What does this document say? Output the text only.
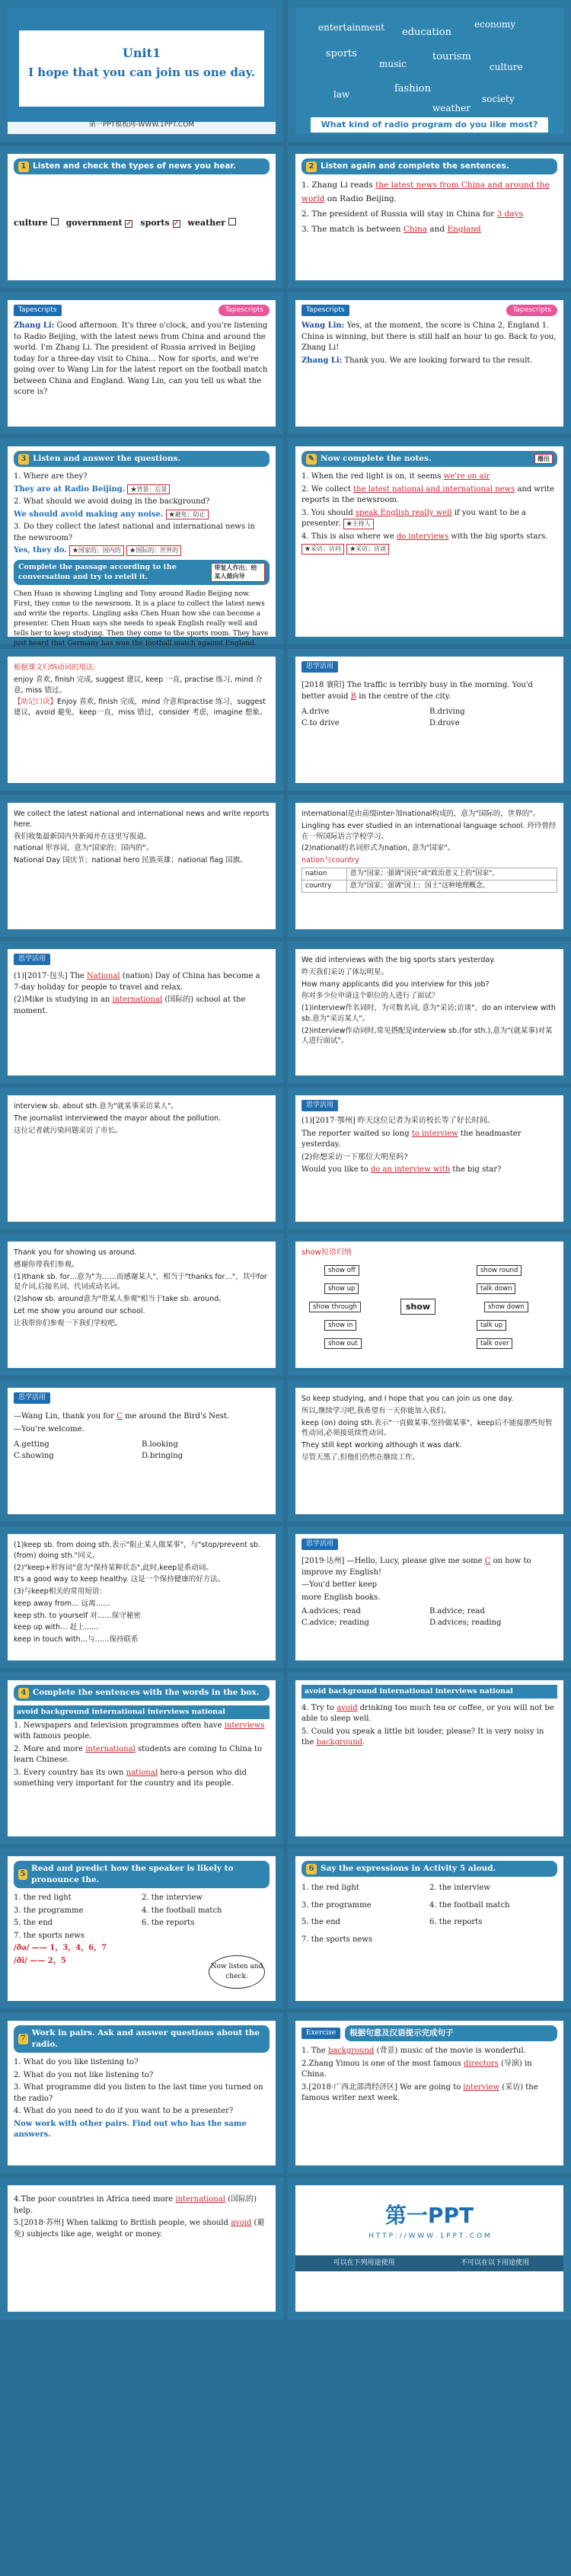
Unit1
I hope that you can join us one day.
第一PPT模板网-WWW.1PPT.COM
entertainment education
economy
sports
music
tourism
culture
law	fashion
weather
society
What kind of radio program do you like most?
1 Listen and check the types of news you hear.
culture	government ✓ sports ✓ weather
2 Listen again and complete the sentences.

1. Zhang Li reads the latest news from China and around the world on Radio Beijing.

2. The president of Russia will stay in China for 3 days

3. The match is between China and England

Tapescripts	Tapescripts

Zhang Li: Good afternoon. It's three o'clock, and you're listening to Radio Beijing, with the latest news from China and around the world. I'm Zhang Li. The president of Russia arrived in Beijing today for a three-day visit to China... Now for sports, and we're going over to Wang Lin for the latest report on the football match between China and England. Wang Lin, can you tell us what the score is?

Tapescripts	Tapescripts

Wang Lin: Yes, at the moment, the score is China 2, England 1. China is winning, but there is still half an hour to go. Back to you, Zhang Li!

Zhang Li: Thank you. We are looking forward to the result.

3 Listen and answer the questions.

1. Where are they?

They are at Radio Beijing. ★背景：后景

2. What should we avoid doing in the background?

We should avoid making any noise. ★避免；防止

3. Do they collect the latest national and international news in the newsroom?

Yes, they do. ★国家的；国内的 ★国际的；世界的

Complete the passage according to the conversation and try to retell it.
带复人作出；给某人做向导

Chen Huan is showing Lingling and Tony around Radio Beijing now. First, they come to the newsroom. It is a place to collect the latest news and write the reports. Lingling asks Chen Huan how she can become a presenter. Chen Huan says she needs to speak English really well and tells her to keep studying. Then they come to the sports room. They have just heard that Germany has won the football match against England.

✎ Now complete the notes.	播出

1. When the red light is on, it seems we're on air

2. We collect the latest national and international news and write reports in the newsroom.

3. You should speak English really well if you want to be a presenter. ★主持人

4. This is also where we do interviews with the big sports stars.

★采访；访问 ★采访；访谈

根据课文归纳动词的用法：

enjoy 喜欢, finish 完成, suggest 建议, keep 一直, practise 练习, mind 介意, miss 错过。

【助记口诀】Enjoy 喜欢, finish 完成，mind 介意和practise 练习，suggest 建议，avoid 避免，keep一直，miss 错过，consider 考虑，imagine 想象。

思学活用

[2018 襄阳] The traffic is terribly busy in the morning. You'd better avoid B in the centre of the city.

A.drive	B.driving
C.to drive	D.drove

We collect the latest national and international news and write reports here.

我们收集最新国内外新闻并在这里写报道。

national 形容词，意为"国家的；国内的"。

National Day 国庆节；national hero 民族英雄；national flag 国旗。

international是由前缀inter-加national构成的，意为"国际的，世界的"。

Lingling has ever studied in an international language school. 玲玲曾经在一所国际语言学校学习。

(2)national的名词形式为nation, 意为"国家"。

nation与country

nation	意为"国家；强调"国民"或"政治意义上的"国家"。
country	意为"国家；强调"国土；国土"这种地理概念。
思学活用

(1)[2017·包头] The National (nation) Day of China has become a 7-day holiday for people to travel and relax.

(2)Mike is studying in an international (国际的) school at the moment.

We did interviews with the big sports stars yesterday.

昨天我们采访了体坛明星。

How many applicants did you interview for this job?

你对多少位申请这个职位的人进行了面试？

(1)interview作名词时，为可数名词, 意为"采访;访谈"，do an interview with sb.意为"采访某人"。

(2)interview作动词时,常见搭配是interview sb.(for sth.),意为"(就某事)对某人进行面试"。

interview sb. about sth.意为"就某事采访某人"。

The journalist interviewed the mayor about the pollution.

这位记者就污染问题采访了市长。

思学活用

(1)[2017·鄂州] 昨天这位记者为采访校长等了好长时间。

The reporter waited so long to interview the headmaster yesterday.

(2)你想采访一下那位大明星吗?

Would you like to do an interview with the big star?

Thank you for showing us around.

感谢你带我们参观。

(1)thank sb. for…意为"为……而感谢某人"，相当于"thanks for…"，其中for是介词,后接名词、代词或动名词。

(2)show sb. around意为"带某人参观"相当于take sb. around。

Let me show you around our school.

让我带你们参观一下我们学校吧。

show短语归纳

show
show off
show up
show through
show in
show out
show round
talk down
show down
talk up
talk over
思学活用

—Wang Lin, thank you for C me around the Bird's Nest.

—You're welcome.

A.getting	B.looking
C.showing	D.bringing

So keep studying, and I hope that you can join us one day.

所以,继续学习吧,我希望有一天你能加入我们。

keep (on) doing sth.表示"一直做某事,坚持做某事"，keep后不能接那些短暂性动词,必须接延续性动词。

They still kept working although it was dark.

尽管天黑了,但他们仍然在继续工作。

(1)keep sb. from doing sth.表示"阻止某人做某事"，与"stop/prevent sb. (from) doing sth."同义。

(2)"keep+形容词"意为"保持某种状态",此时,keep是系动词。

It's a good way to keep healthy. 这是一个保持健康的好方法。

(3)与keep相关的常用短语：

keep away from… 远离……

keep sth. to yourself 对……保守秘密

keep up with… 赶上……

keep in touch with…与……保持联系

思学活用

[2019·达州] —Hello, Lucy, please give me some C on how to improve my English!

—You'd better keep

more English books.

A.advices; read	B.advice; read
C.advice; reading	D.advices; reading
4 Complete the sentences with the words in the box.
avoid background international interviews national

1. Newspapers and television programmes often have interviews with famous people.

2. More and more international students are coming to China to learn Chinese.

3. Every country has its own national hero-a person who did something very important for the country and its people.

avoid background international interviews national

4. Try to avoid drinking too much tea or coffee, or you will not be able to sleep well.

5. Could you speak a little bit louder, please? It is very noisy in the background.

5
Read and predict how the speaker is likely to pronounce the.
1. the red light	2. the interview
3. the programme	4. the football match
5. the end	6. the reports
7. the sports news

/ðə/ —— 1，3，4，6，7

/ði/ —— 2，5

Now listen and check.
6 Say the expressions in Activity 5 aloud.
1. the red light	2. the interview
3. the programme	4. the football match
5. the end	6. the reports
7. the sports news
7
Work in pairs. Ask and answer questions about the radio.

1. What do you like listening to?

2. What do you not like listening to?

3. What programme did you listen to the last time you turned on the radio?

4. What do you need to do if you want to be a presenter?

Now work with other pairs. Find out who has the same answers.

Exercise	根据句意及汉语提示完成句子

1. The background (背景) music of the movie is wonderful.

2.Zhang Yimou is one of the most famous directors (导演) in China.

3.[2018·广西北部湾经济区] We are going to interview (采访) the famous writer next week.

4.The poor countries in Africa need more international (国际的) help.

5.[2018·苏州] When talking to British people, we should avoid (避免) subjects like age, weight or money.

第一PPT
H T T P : / / W W W . 1 P P T . C O M
可以在下列用途使用	不可以在以下用途使用
